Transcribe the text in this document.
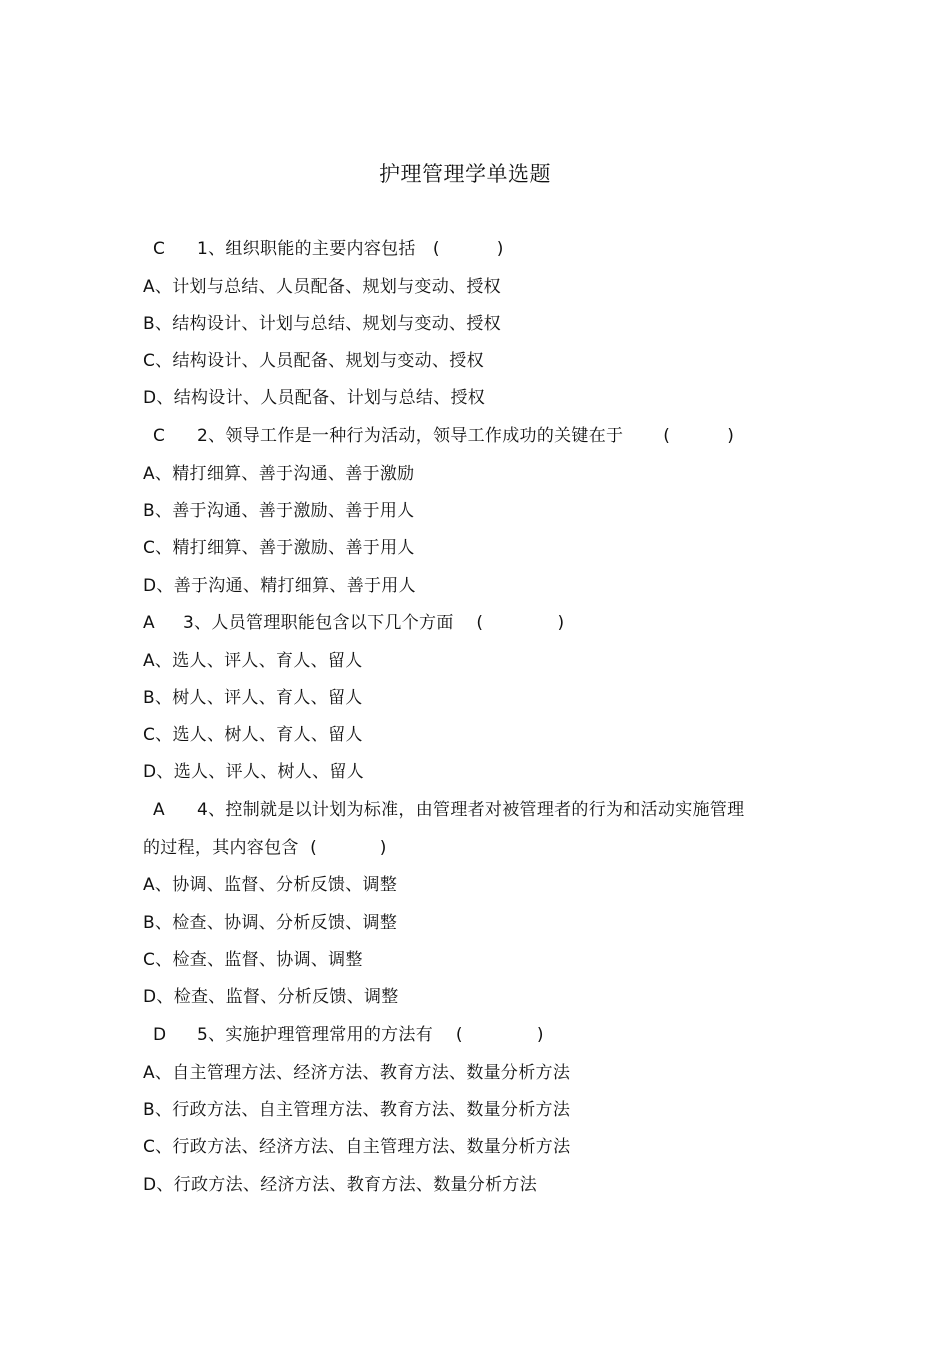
护理管理学单选题
C 1、组织职能的主要内容包括   (          )
A、计划与总结、人员配备、规划与变动、授权
B、结构设计、计划与总结、规划与变动、授权
C、结构设计、人员配备、规划与变动、授权
D、结构设计、人员配备、计划与总结、授权
C 2、领导工作是一种行为活动，领导工作成功的关键在于       (          )
A、精打细算、善于沟通、善于激励
B、善于沟通、善于激励、善于用人
C、精打细算、善于激励、善于用人
D、善于沟通、精打细算、善于用人
A 3、人员管理职能包含以下几个方面    (             )
A、选人、评人、育人、留人
B、树人、评人、育人、留人
C、选人、树人、育人、留人
D、选人、评人、树人、留人
A 4、控制就是以计划为标准，由管理者对被管理者的行为和活动实施管理
的过程，其内容包含  (           )
A、协调、监督、分析反馈、调整
B、检查、协调、分析反馈、调整
C、检查、监督、协调、调整
D、检查、监督、分析反馈、调整
D 5、实施护理管理常用的方法有    (             )
A、自主管理方法、经济方法、教育方法、数量分析方法
B、行政方法、自主管理方法、教育方法、数量分析方法
C、行政方法、经济方法、自主管理方法、数量分析方法
D、行政方法、经济方法、教育方法、数量分析方法
